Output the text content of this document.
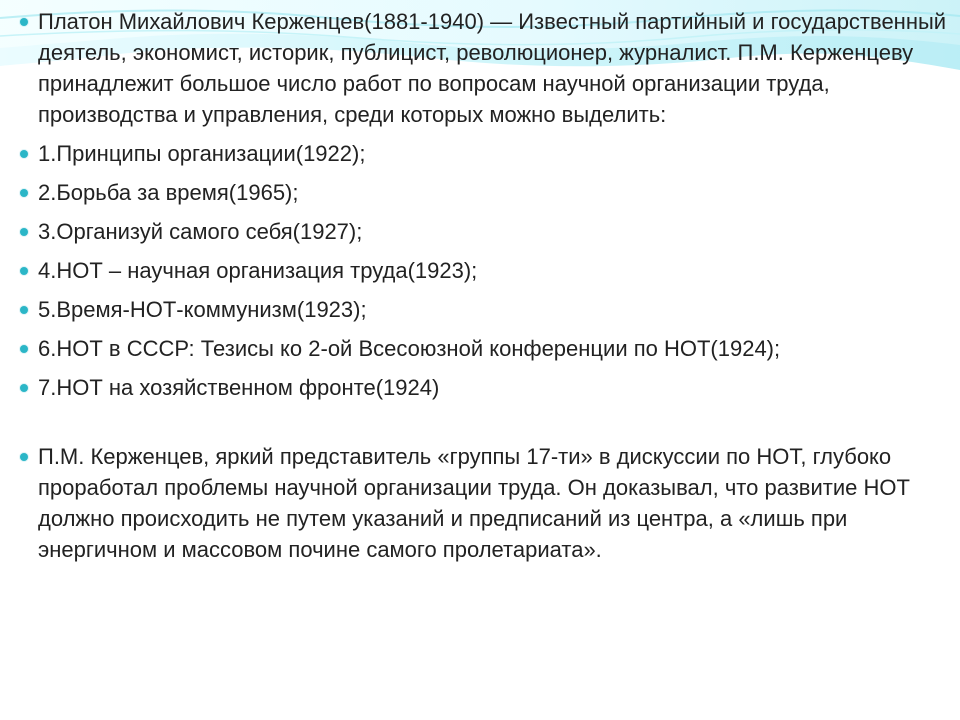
Платон Михайлович Керженцев(1881-1940) — Известный партийный и государственный деятель, экономист, историк, публицист, революционер, журналист. П.М. Керженцеву принадлежит большое число работ по вопросам научной организации труда, производства и управления, среди которых можно выделить:
1.Принципы организации(1922);
2.Борьба за время(1965);
3.Организуй самого себя(1927);
4.НОТ – научная организация труда(1923);
5.Время-НОТ-коммунизм(1923);
6.НОТ в СССР: Тезисы ко 2-ой Всесоюзной конференции по НОТ(1924);
7.НОТ на хозяйственном фронте(1924)
П.М. Керженцев, яркий представитель «группы 17-ти» в дискуссии по НОТ, глубоко проработал проблемы научной организации труда. Он доказывал, что развитие НОТ должно происходить не путем указаний и предписаний из центра, а «лишь при энергичном и массовом почине самого пролетариата».
